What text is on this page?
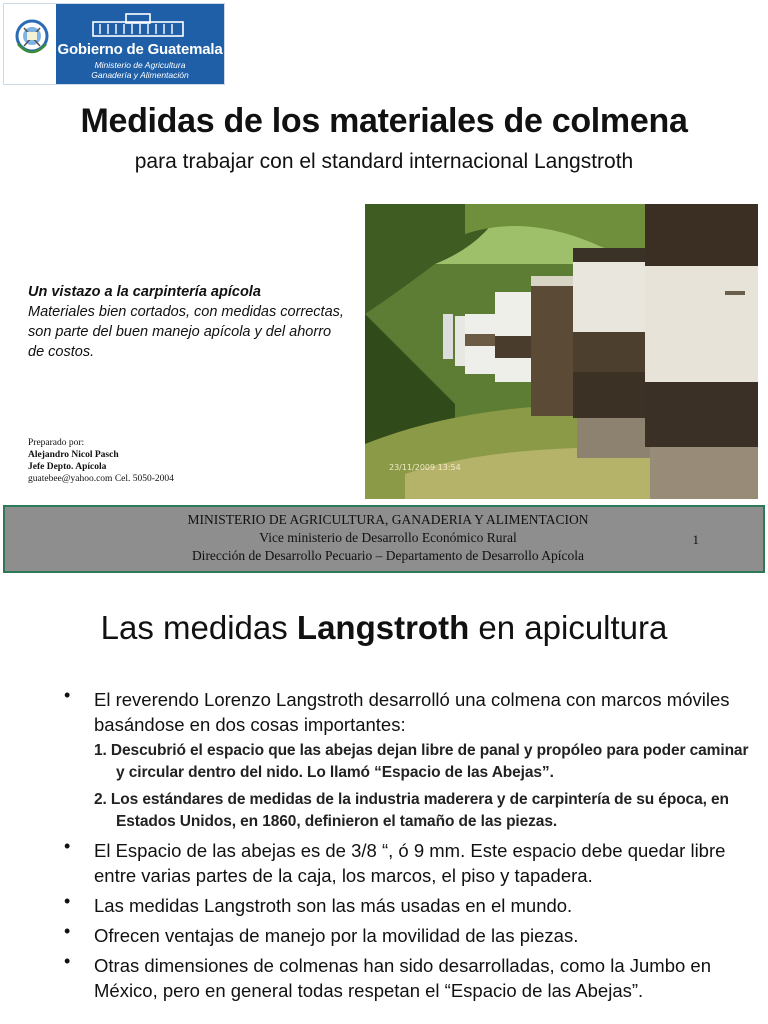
Gobierno de Guatemala
Ministerio de Agricultura
Ganadería y Alimentación
Medidas de los materiales de colmena
para trabajar con el standard internacional Langstroth
23/11/2009 13:54
Un vistazo a la carpintería apícola
Materiales bien cortados, con medidas correctas, son parte del buen manejo apícola y del ahorro de costos.
Preparado por:
Alejandro Nicol Pasch
Jefe Depto. Apícola
guatebee@yahoo.com Cel. 5050-2004
MINISTERIO DE AGRICULTURA, GANADERIA Y ALIMENTACION
Vice ministerio de Desarrollo Económico Rural
Dirección de Desarrollo Pecuario – Departamento de Desarrollo Apícola
1
Las medidas Langstroth en apicultura
• El reverendo Lorenzo Langstroth desarrolló una colmena con marcos móviles basándose en dos cosas importantes:
1. Descubrió el espacio que las abejas dejan libre de panal y propóleo para poder caminar y circular dentro del nido. Lo llamó “Espacio de las Abejas”.
2. Los estándares de medidas de la industria maderera y de carpintería de su época, en Estados Unidos, en 1860, definieron el tamaño de las piezas.
• El Espacio de las abejas es de 3/8 “, ó 9 mm. Este espacio debe quedar libre entre varias partes de la caja, los marcos, el piso y tapadera.
• Las medidas Langstroth son las más usadas en el mundo.
• Ofrecen ventajas de manejo por la movilidad de las piezas.
• Otras dimensiones de colmenas han sido desarrolladas, como la Jumbo en México, pero en general todas respetan el “Espacio de las Abejas”.
